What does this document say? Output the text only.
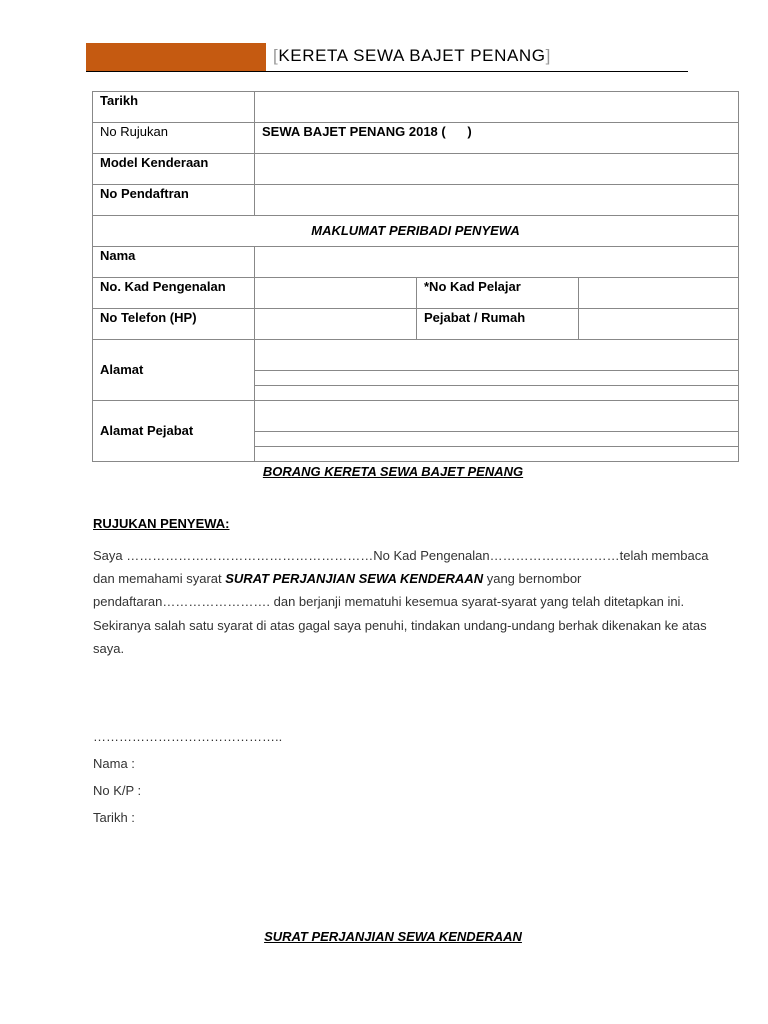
[KERETA SEWA BAJET PENANG]
Tarikh			
No Rujukan	SEWA BAJET PENANG 2018 (      )		
Model Kenderaan			
No Pendaftran			
MAKLUMAT PERIBADI PENYEWA			
Nama			
No. Kad Pengenalan		*No Kad Pelajar	
No Telefon (HP)		Pejabat / Rumah	
Alamat			

Alamat Pejabat			

BORANG KERETA SEWA BAJET PENANG
RUJUKAN PENYEWA:
Saya …………………………………………………No Kad Pengenalan…………………………telah membaca dan memahami syarat SURAT PERJANJIAN SEWA KENDERAAN yang bernombor pendaftaran……………………. dan berjanji mematuhi kesemua syarat-syarat yang telah ditetapkan ini. Sekiranya salah satu syarat di atas gagal saya penuhi, tindakan undang-undang berhak dikenakan ke atas saya.
……………………………………..
Nama :
No K/P :
Tarikh :
SURAT PERJANJIAN SEWA KENDERAAN
